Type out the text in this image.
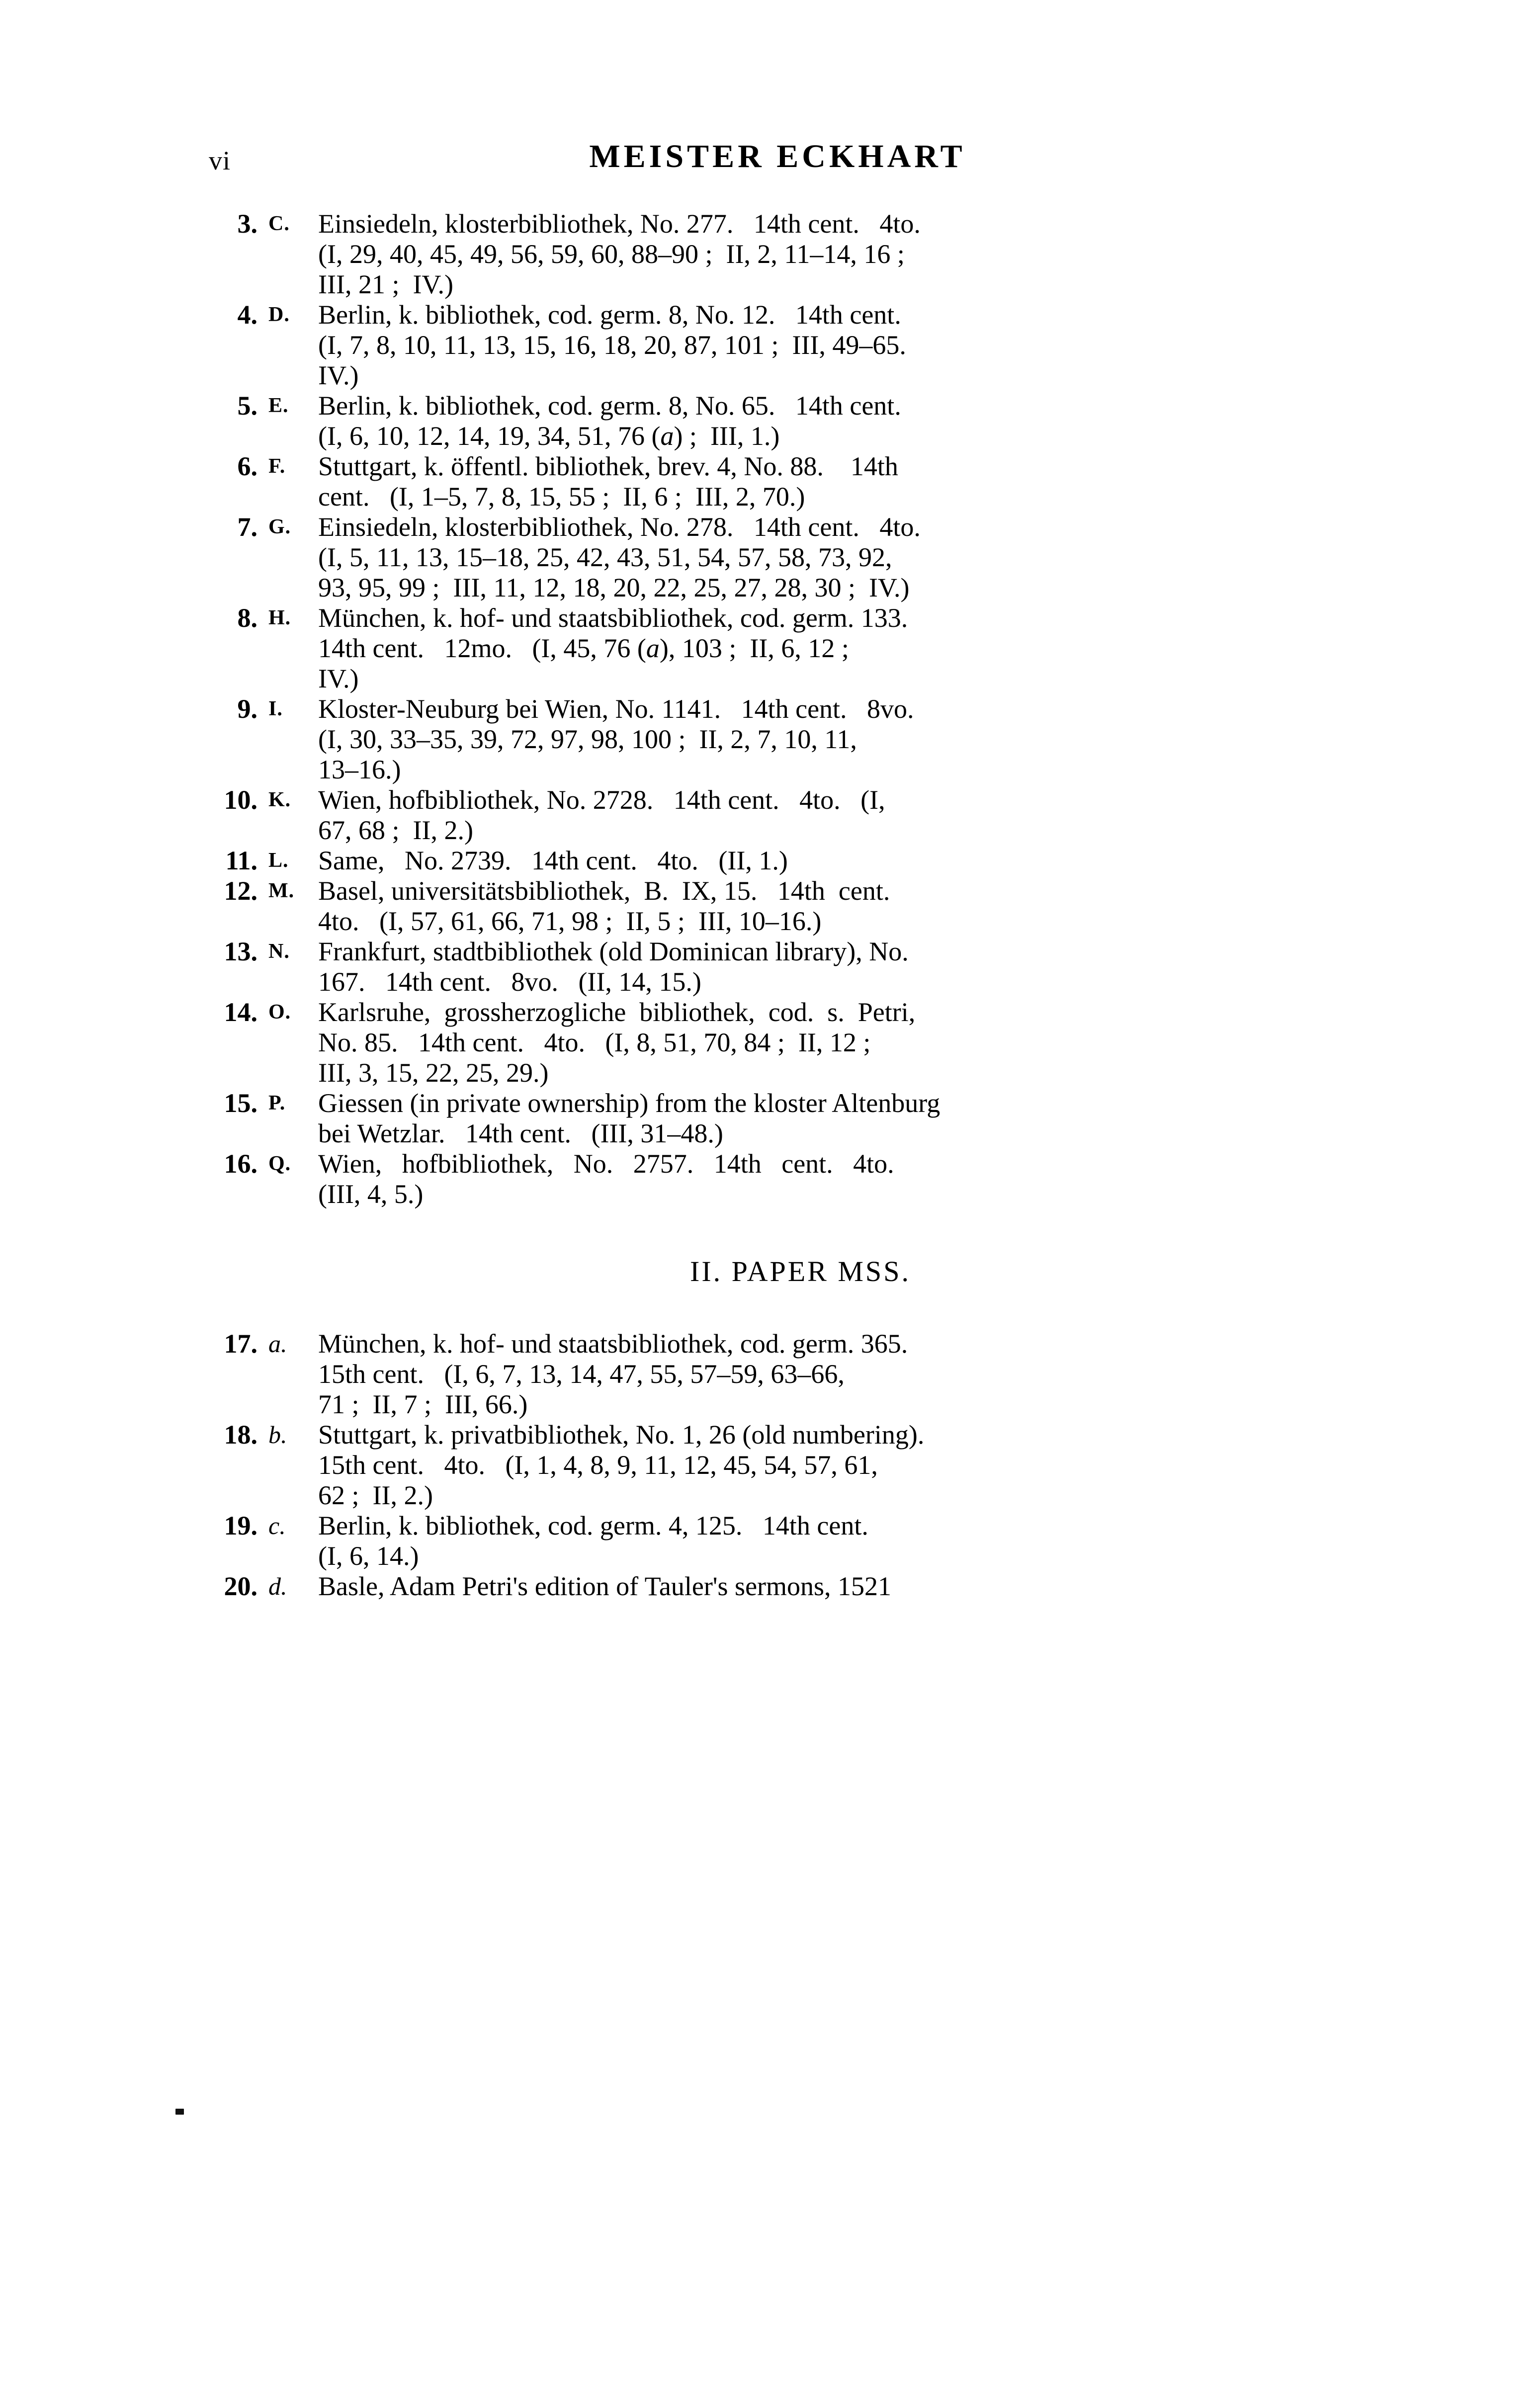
vi	MEISTER ECKHART
3. C.	Einsiedeln, klosterbibliothek, No. 277.   14th cent.   4to.
(I, 29, 40, 45, 49, 56, 59, 60, 88–90 ;  II, 2, 11–14, 16 ;
III, 21 ;  IV.)
4. D.	Berlin, k. bibliothek, cod. germ. 8, No. 12.   14th cent.
(I, 7, 8, 10, 11, 13, 15, 16, 18, 20, 87, 101 ;  III, 49–65.
IV.)
5. E.	Berlin, k. bibliothek, cod. germ. 8, No. 65.   14th cent.
(I, 6, 10, 12, 14, 19, 34, 51, 76 (a) ;  III, 1.)
6. F.	Stuttgart, k. öffentl. bibliothek, brev. 4, No. 88.    14th
cent.   (I, 1–5, 7, 8, 15, 55 ;  II, 6 ;  III, 2, 70.)
7. G.	Einsiedeln, klosterbibliothek, No. 278.   14th cent.   4to.
(I, 5, 11, 13, 15–18, 25, 42, 43, 51, 54, 57, 58, 73, 92,
93, 95, 99 ;  III, 11, 12, 18, 20, 22, 25, 27, 28, 30 ;  IV.)
8. H.	München, k. hof- und staatsbibliothek, cod. germ. 133.
14th cent.   12mo.   (I, 45, 76 (a), 103 ;  II, 6, 12 ;
IV.)
9. I.	Kloster-Neuburg bei Wien, No. 1141.   14th cent.   8vo.
(I, 30, 33–35, 39, 72, 97, 98, 100 ;  II, 2, 7, 10, 11,
13–16.)
10. K.	Wien, hofbibliothek, No. 2728.   14th cent.   4to.   (I,
67, 68 ;  II, 2.)
11. L.	Same,   No. 2739.   14th cent.   4to.   (II, 1.)
12. M. Basel, universitätsbibliothek,  B.  IX, 15.   14th  cent.
4to.   (I, 57, 61, 66, 71, 98 ;  II, 5 ;  III, 10–16.)
13. N.	Frankfurt, stadtbibliothek (old Dominican library), No.
167.   14th cent.   8vo.   (II, 14, 15.)
14. O.	Karlsruhe,  grossherzogliche  bibliothek,  cod.  s.  Petri,
No. 85.   14th cent.   4to.   (I, 8, 51, 70, 84 ;  II, 12 ;
III, 3, 15, 22, 25, 29.)
15. P.	Giessen (in private ownership) from the kloster Altenburg
bei Wetzlar.   14th cent.   (III, 31–48.)
16. Q.	Wien,   hofbibliothek,   No.   2757.   14th   cent.   4to.
(III, 4, 5.)
II. PAPER MSS.
17. a.	München, k. hof- und staatsbibliothek, cod. germ. 365.
15th cent.   (I, 6, 7, 13, 14, 47, 55, 57–59, 63–66,
71 ;  II, 7 ;  III, 66.)
18. b.	Stuttgart, k. privatbibliothek, No. 1, 26 (old numbering).
15th cent.   4to.   (I, 1, 4, 8, 9, 11, 12, 45, 54, 57, 61,
62 ;  II, 2.)
19. c.	Berlin, k. bibliothek, cod. germ. 4, 125.   14th cent.
(I, 6, 14.)
20. d.	Basle, Adam Petri's edition of Tauler's sermons, 1521
